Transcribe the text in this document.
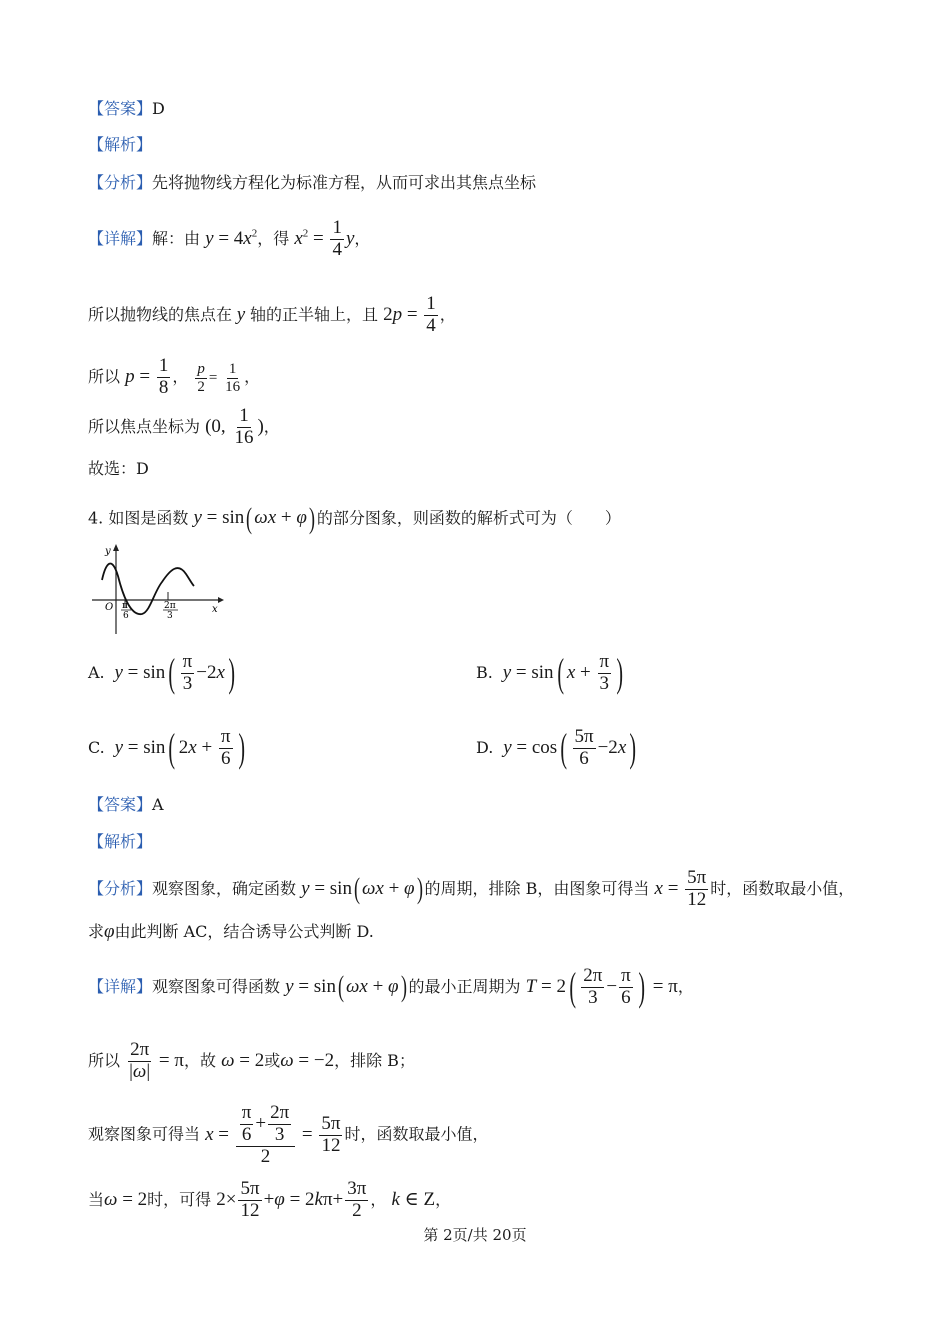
【答案】D
【解析】
【分析】先将抛物线方程化为标准方程，从而可求出其焦点坐标
【详解】解：由 $y = 4x^2$，得 $x^2 = \frac{1}{4}$ y，
所以抛物线的焦点在 y 轴的正半轴上，且 $2p = \frac{1}{4}$ ，
所以 $p = \frac{1}{8}$ ， $\frac{p}{2} = \frac{1}{16}$ ，
所以焦点坐标为 (0, $\frac{1}{16}$ )，
故选：D
4. 如图是函数 y = sin( ωx + φ) 的部分图象，则函数的解析式可为（　　）
y
x
O π
6
2π
3
A. $y = \sin( \frac{\pi}{3} -2x)$	B. y = sin( $x + \frac{\pi}{3}$ )
C. y = sin( $2x + \frac{\pi}{6}$ )	D. $y = \cos( \frac{5\pi}{6} -2x)$
【答案】A
【解析】
【分析】观察图象，确定函数 y = sin( ωx + φ) 的周期，排除 B，由图象可得当 $x = \frac{5\pi}{12}$ 时，函数取最小值，
求φ由此判断 AC，结合诱导公式判断 D.
【详解】观察图象可得函数 y = sin( ωx + φ) 的最小正周期为 $T = 2( \frac{2\pi}{3} - \frac{\pi}{6}$ ) = π，
所以 $\frac{2\pi}{|\omega|} = \pi$，故 ω = 2或ω = −2，排除 B；
观察图象可得当 $x = \frac{\frac{\pi}{6} + \frac{2\pi}{3}}{2} = \frac{5\pi}{12}$ 时，函数取最小值，
当ω = 2时，可得 $2\times \frac{5\pi}{12} +\varphi = 2k\pi+ \frac{3\pi}{2}$ ， k ∈ Z，
第 2页/共 20页
